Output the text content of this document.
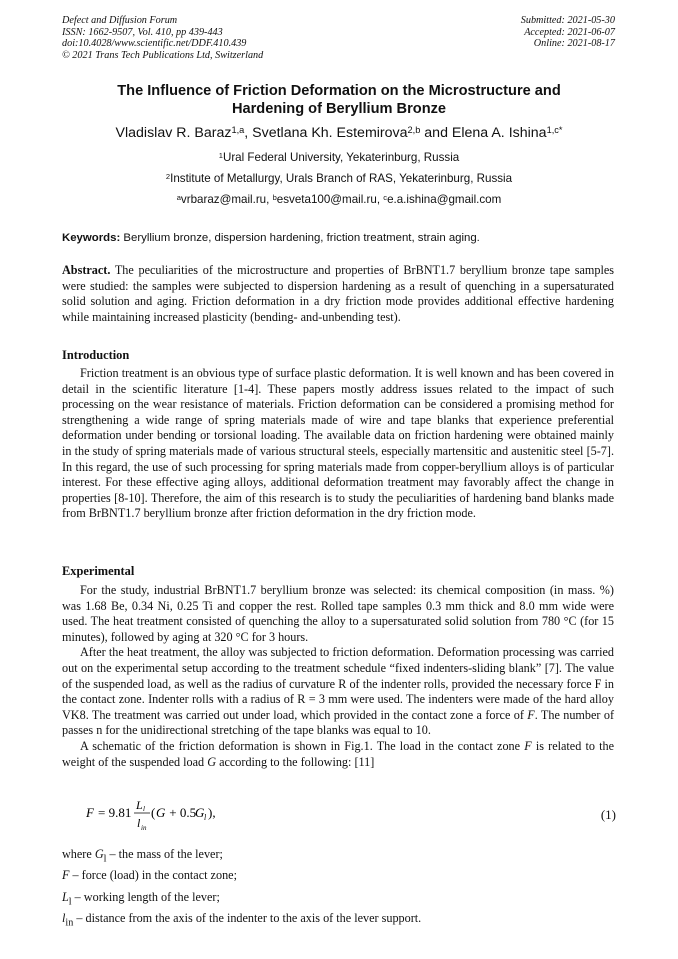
Defect and Diffusion Forum
ISSN: 1662-9507, Vol. 410, pp 439-443
doi:10.4028/www.scientific.net/DDF.410.439
© 2021 Trans Tech Publications Ltd, Switzerland
Submitted: 2021-05-30
Accepted: 2021-06-07
Online: 2021-08-17
The Influence of Friction Deformation on the Microstructure and
Hardening of Beryllium Bronze
Vladislav R. Baraz$^{1,a}$, Svetlana Kh. Estemirova$^{2,b}$ and Elena A. Ishina$^{1,c*}$
$^1$Ural Federal University, Yekaterinburg, Russia
$^2$Institute of Metallurgy, Urals Branch of RAS, Yekaterinburg, Russia
$^a$vrbaraz@mail.ru, $^b$esveta100@mail.ru, $^c$e.a.ishina@gmail.com
Keywords: Beryllium bronze, dispersion hardening, friction treatment, strain aging.
Abstract. The peculiarities of the microstructure and properties of BrBNT1.7 beryllium bronze tape samples were studied: the samples were subjected to dispersion hardening as a result of quenching in a supersaturated solid solution and aging. Friction deformation in a dry friction mode provides additional effective hardening while maintaining increased plasticity (bending- and-unbending test).
Introduction
Friction treatment is an obvious type of surface plastic deformation. It is well known and has been covered in detail in the scientific literature [1-4]. These papers mostly address issues related to the impact of such processing on the wear resistance of materials. Friction deformation can be considered a promising method for strengthening a wide range of spring materials made of wire and tape blanks that experience preferential deformation under bending or torsional loading. The available data on friction hardening were obtained mainly in the study of spring materials made of various structural steels, especially martensitic and austenitic steel [5-7]. In this regard, the use of such processing for spring materials made from copper-beryllium alloys is of particular interest. For these effective aging alloys, additional deformation treatment may favorably affect the change in properties [8-10]. Therefore, the aim of this research is to study the peculiarities of hardening band blanks made from BrBNT1.7 beryllium bronze after friction deformation in the dry friction mode.
Experimental

For the study, industrial BrBNT1.7 beryllium bronze was selected: its chemical composition (in mass. %) was 1.68 Be, 0.34 Ni, 0.25 Ti and copper the rest. Rolled tape samples 0.3 mm thick and 8.0 mm wide were used. The heat treatment consisted of quenching the alloy to a supersaturated solid solution from 780 °C (for 15 minutes), followed by aging at 320 °C for 3 hours.

After the heat treatment, the alloy was subjected to friction deformation. Deformation processing was carried out on the experimental setup according to the treatment schedule “fixed indenters-sliding blank” [7]. The value of the suspended load, as well as the radius of curvature R of the indenter rolls, provided the necessary force F in the contact zone. Indenter rolls with a radius of R = 3 mm were used. The indenters were made of the hard alloy VK8. The treatment was carried out under load, which provided in the contact zone a force of F. The number of passes n for the unidirectional stretching of the tape blanks was equal to 10.

A schematic of the friction deformation is shown in Fig.1. The load in the contact zone F is related to the weight of the suspended load G according to the following: [11]

F = 9.81 L l
l in
( G + 0.5
G l ),	(1)
where $G_l$ – the mass of the lever;
F – force (load) in the contact zone;
$L_l$ – working length of the lever;
$l_{in}$ – distance from the axis of the indenter to the axis of the lever support.
